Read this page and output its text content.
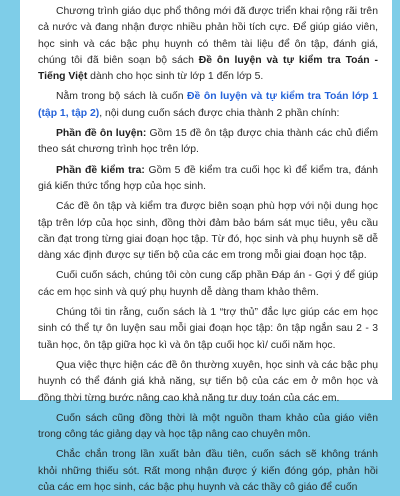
Chương trình giáo dục phổ thông mới đã được triển khai rộng rãi trên cả nước và đang nhận được nhiều phản hồi tích cực. Để giúp giáo viên, học sinh và các bậc phụ huynh có thêm tài liệu để ôn tập, đánh giá, chúng tôi đã biên soạn bộ sách Đề ôn luyện và tự kiểm tra Toán - Tiếng Việt dành cho học sinh từ lớp 1 đến lớp 5.

Nằm trong bộ sách là cuốn Đề ôn luyện và tự kiểm tra Toán lớp 1 (tập 1, tập 2), nội dung cuốn sách được chia thành 2 phần chính:

Phần đề ôn luyện: Gồm 15 đề ôn tập được chia thành các chủ điểm theo sát chương trình học trên lớp.

Phần đề kiểm tra: Gồm 5 đề kiểm tra cuối học kì để kiểm tra, đánh giá kiến thức tổng hợp của học sinh.

Các đề ôn tập và kiểm tra được biên soạn phù hợp với nội dung học tập trên lớp của học sinh, đồng thời đảm bảo bám sát mục tiêu, yêu cầu cần đạt trong từng giai đoạn học tập. Từ đó, học sinh và phụ huynh sẽ dễ dàng xác định được sự tiến bộ của các em trong mỗi giai đoạn học tập.

Cuối cuốn sách, chúng tôi còn cung cấp phần Đáp án - Gợi ý để giúp các em học sinh và quý phụ huynh dễ dàng tham khảo thêm.

Chúng tôi tin rằng, cuốn sách là 1 “trợ thủ” đắc lực giúp các em học sinh có thể tự ôn luyện sau mỗi giai đoạn học tập: ôn tập ngắn sau 2 - 3 tuần học, ôn tập giữa học kì và ôn tập cuối học kì/ cuối năm học.

Qua việc thực hiện các đề ôn thường xuyên, học sinh và các bậc phụ huynh có thể đánh giá khả năng, sự tiến bộ của các em ở môn học và đồng thời từng bước nâng cao khả năng tư duy toán của các em.

Cuốn sách cũng đồng thời là một nguồn tham khảo của giáo viên trong công tác giảng dạy và học tập nâng cao chuyên môn.

Chắc chắn trong lần xuất bản đầu tiên, cuốn sách sẽ không tránh khỏi những thiếu sót. Rất mong nhận được ý kiến đóng góp, phản hồi của các em học sinh, các bậc phụ huynh và các thầy cô giáo để cuốn
